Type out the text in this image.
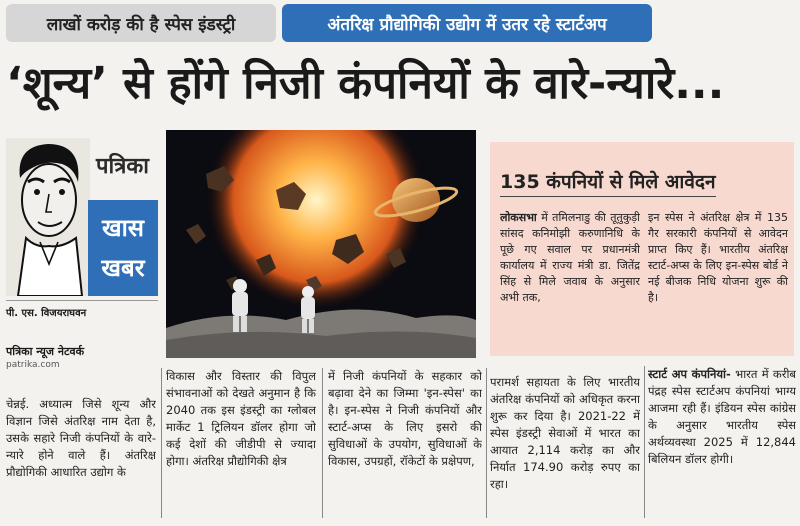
लाखों करोड़ की है स्पेस इंडस्ट्री	अंतरिक्ष प्रौद्योगिकी उद्योग में उतर रहे स्टार्टअप
‘शून्य’ से होंगे निजी कंपनियों के वारे-न्यारे...
पत्रिका
खास
खबर
पी. एस. विजयराघवन
पत्रिका न्यूज नेटवर्क
patrika.com
135 कंपनियों से मिले आवेदन
लोकसभा में तमिलनाडु की तूतुकुड़ी सांसद कनिमोझी करुणानिधि के पूछे गए सवाल पर प्रधानमंत्री कार्यालय में राज्य मंत्री डा. जितेंद्र सिंह से मिले जवाब के अनुसार अभी तक,
इन स्पेस ने अंतरिक्ष क्षेत्र में 135 गैर सरकारी कंपनियों से आवेदन प्राप्त किए हैं। भारतीय अंतरिक्ष स्टार्ट-अप्स के लिए इन-स्पेस बोर्ड ने नई बीजक निधि योजना शुरू की है।
चेन्नई. अध्यात्म जिसे शून्य और विज्ञान जिसे अंतरिक्ष नाम देता है, उसके सहारे निजी कंपनियों के वारे-न्यारे होने वाले हैं। अंतरिक्ष प्रौद्योगिकी आधारित उद्योग के
विकास और विस्तार की विपुल संभावनाओं को देखते अनुमान है कि 2040 तक इस इंडस्ट्री का ग्लोबल मार्केट 1 ट्रिलियन डॉलर होगा जो कई देशों की जीडीपी से ज्यादा होगा। अंतरिक्ष प्रौद्योगिकी क्षेत्र
में निजी कंपनियों के सहकार को बढ़ावा देने का जिम्मा 'इन-स्पेस' का है। इन-स्पेस ने निजी कंपनियों और स्टार्ट-अप्स के लिए इसरो की सुविधाओं के उपयोग, सुविधाओं के विकास, उपग्रहों, रॉकेटों के प्रक्षेपण,
परामर्श सहायता के लिए भारतीय अंतरिक्ष कंपनियों को अधिकृत करना शुरू कर दिया है। 2021-22 में स्पेस इंडस्ट्री सेवाओं में भारत का आयात 2,114 करोड़ का और निर्यात 174.90 करोड़ रुपए का रहा।
स्टार्ट अप कंपनियां- भारत में करीब पंद्रह स्पेस स्टार्टअप कंपनियां भाग्य आजमा रही हैं। इंडियन स्पेस कांग्रेस के अनुसार भारतीय स्पेस अर्थव्यवस्था 2025 में 12,844 बिलियन डॉलर होगी।
